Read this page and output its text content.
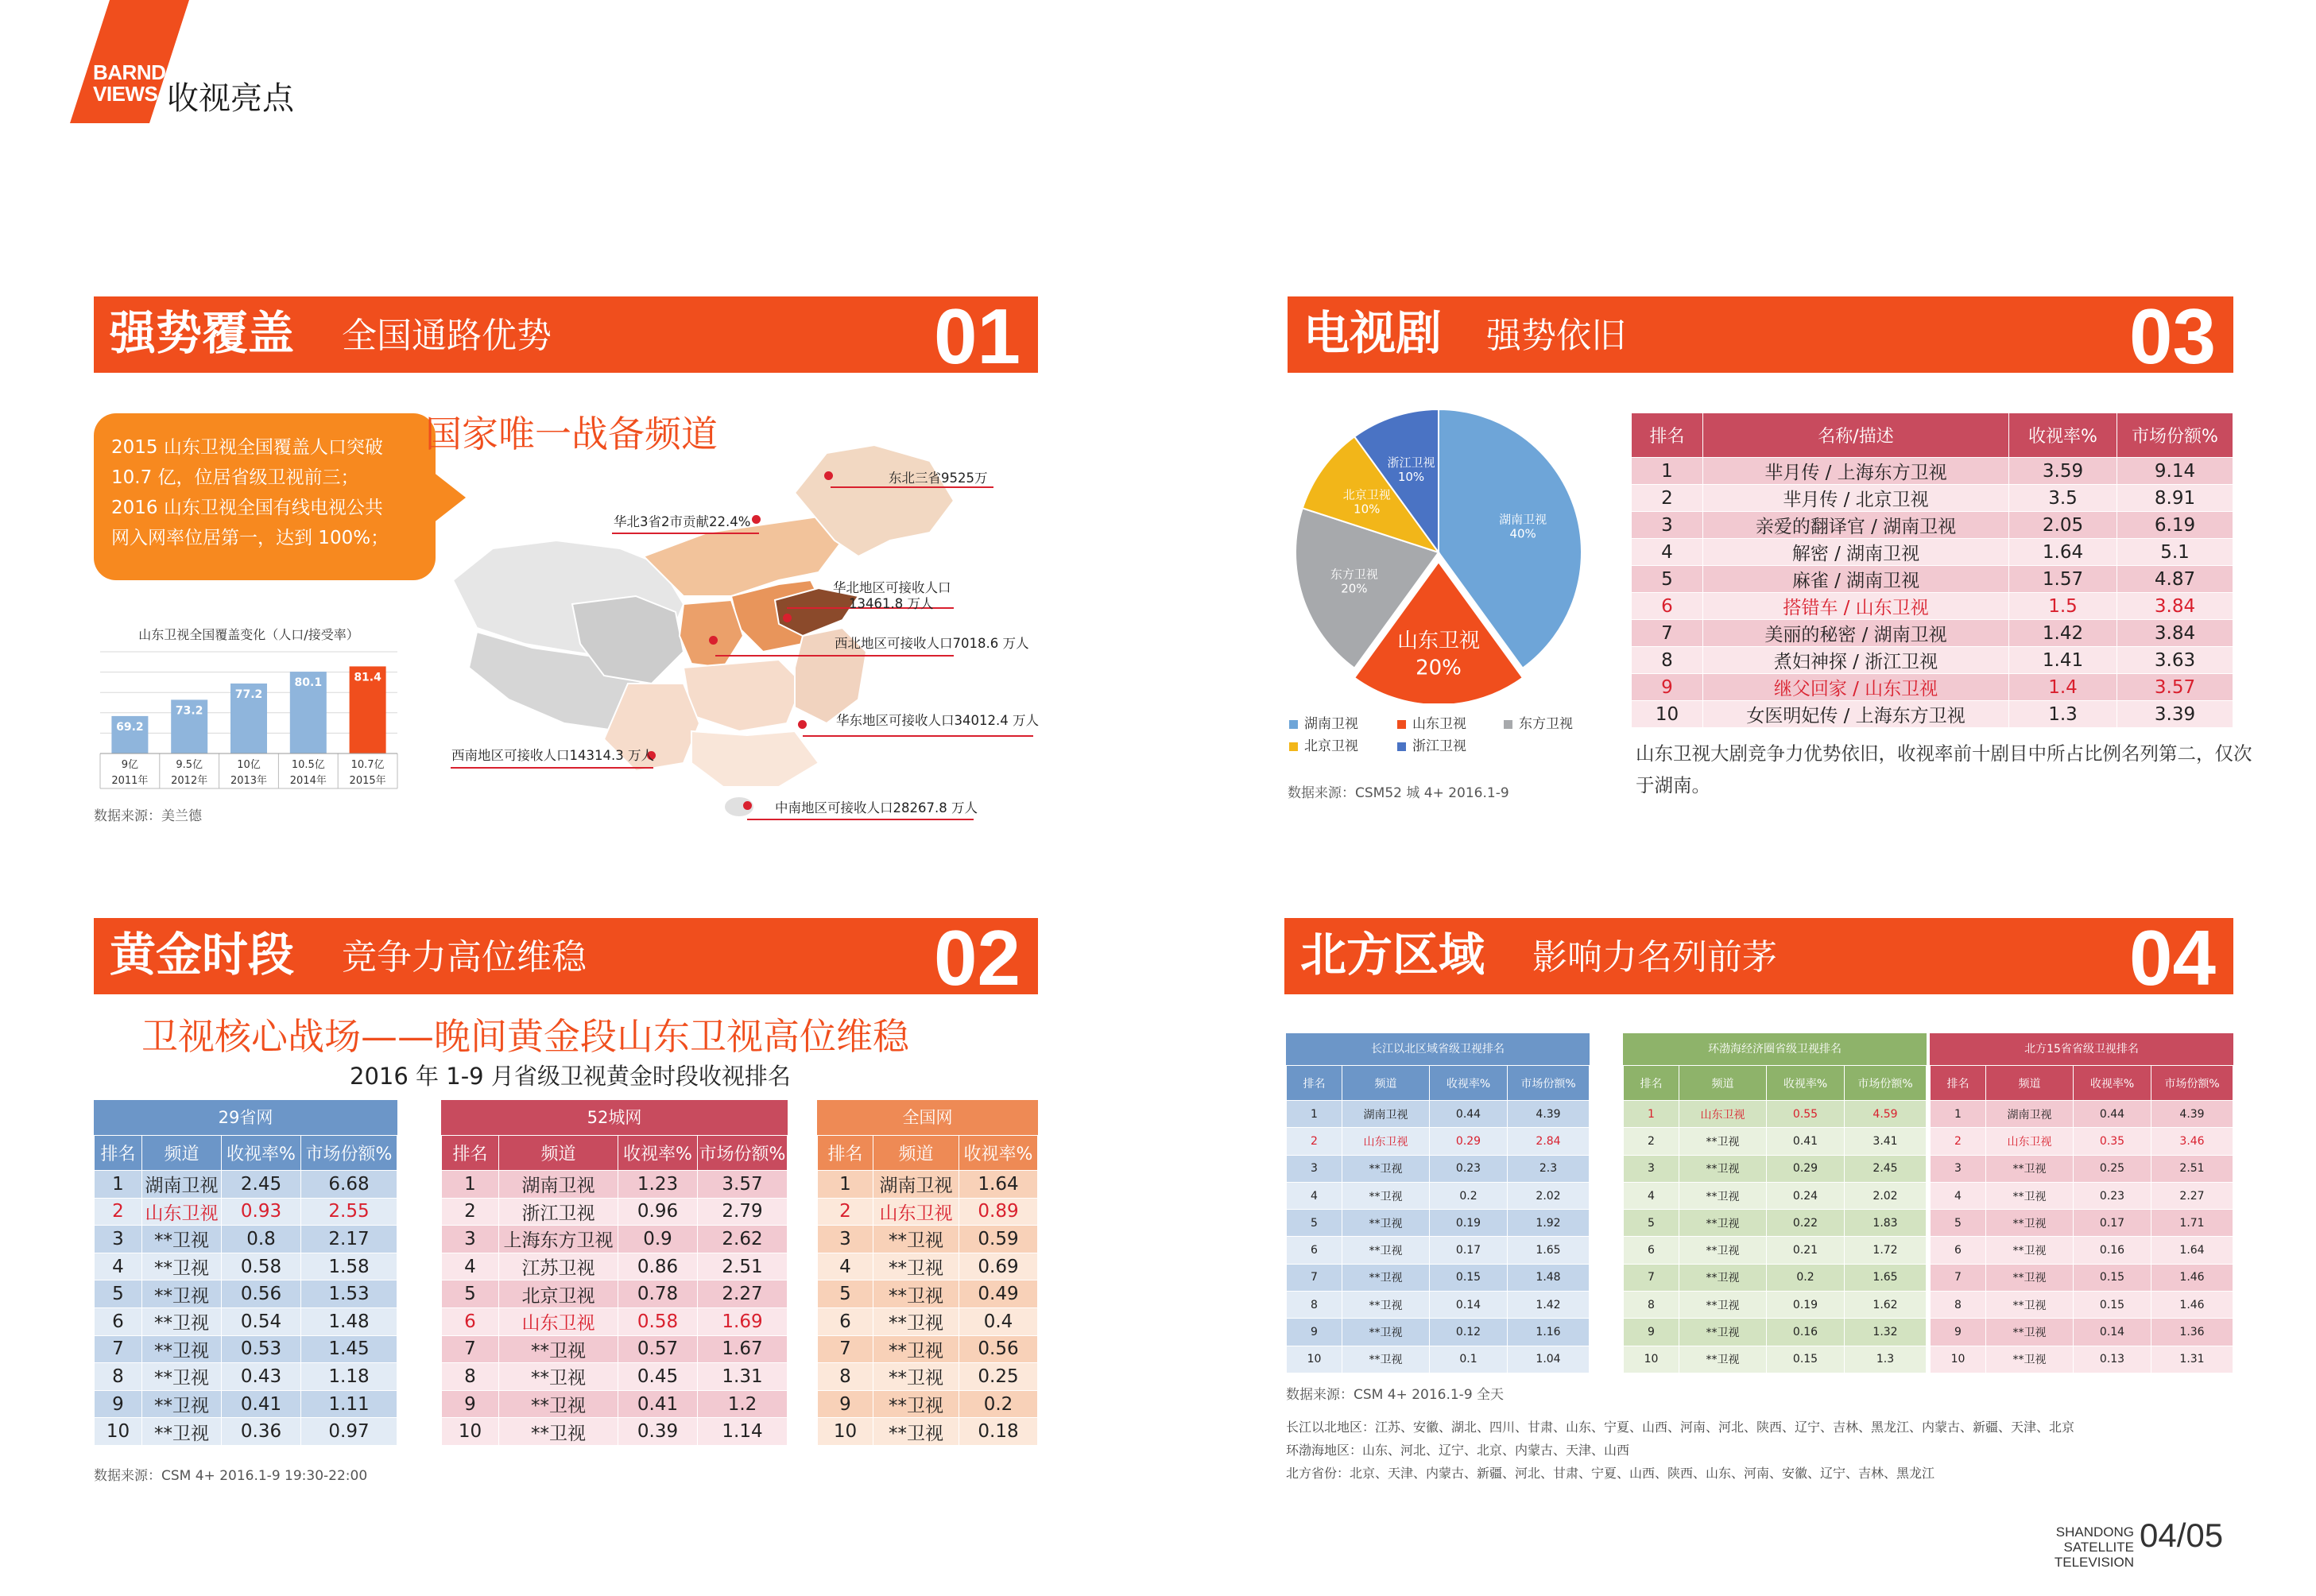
BARND
VIEWS 收视亮点
强势覆盖 全国通路优势	01	电视剧 强势依旧	03
黄金时段 竞争力高位维稳	02	北方区域 影响力名列前茅	04
2015 山东卫视全国覆盖人口突破
10.7 亿，位居省级卫视前三；
2016 山东卫视全国有线电视公共
网入网率位居第一，达到 100%；
山东卫视全国覆盖变化（人口/接受率）
69.2
9亿
2011年
73.2
9.5亿
2012年
77.2
10亿
2013年
80.1
10.5亿
2014年
81.4
10.7亿
2015年
数据来源：美兰德
国家唯一战备频道
东北三省9525万
华北3省2市贡献22.4%
华北地区可接收人口
13461.8 万人
西北地区可接收人口7018.6 万人
华东地区可接收人口34012.4 万人
西南地区可接收人口14314.3 万人
中南地区可接收人口28267.8 万人
湖南卫视
40%
山东卫视
20%
东方卫视
20%
北京卫视
10%
浙江卫视
10%
湖南卫视	山东卫视	东方卫视
北京卫视	浙江卫视
数据来源：CSM52 城 4+ 2016.1-9
排名	名称/描述	收视率%	市场份额%
1	芈月传 / 上海东方卫视	3.59	9.14
2	芈月传 / 北京卫视	3.5	8.91
3	亲爱的翻译官 / 湖南卫视	2.05	6.19
4	解密 / 湖南卫视	1.64	5.1
5	麻雀 / 湖南卫视	1.57	4.87
6	搭错车 / 山东卫视	1.5	3.84
7	美丽的秘密 / 湖南卫视	1.42	3.84
8	煮妇神探 / 浙江卫视	1.41	3.63
9	继父回家 / 山东卫视	1.4	3.57
10	女医明妃传 / 上海东方卫视	1.3	3.39
山东卫视大剧竞争力优势依旧，收视率前十剧目中所占比例名列第二，仅次
于湖南。
卫视核心战场——晚间黄金段山东卫视高位维稳
2016 年 1-9 月省级卫视黄金时段收视排名
29省网
排名	频道	收视率%	市场份额%
1	湖南卫视	2.45	6.68
2	山东卫视	0.93	2.55
3	**卫视	0.8	2.17
4	**卫视	0.58	1.58
5	**卫视	0.56	1.53
6	**卫视	0.54	1.48
7	**卫视	0.53	1.45
8	**卫视	0.43	1.18
9	**卫视	0.41	1.11
10	**卫视	0.36	0.97
52城网
排名	频道	收视率%	市场份额%
1	湖南卫视	1.23	3.57
2	浙江卫视	0.96	2.79
3	上海东方卫视	0.9	2.62
4	江苏卫视	0.86	2.51
5	北京卫视	0.78	2.27
6	山东卫视	0.58	1.69
7	**卫视	0.57	1.67
8	**卫视	0.45	1.31
9	**卫视	0.41	1.2
10	**卫视	0.39	1.14
全国网
排名	频道	收视率%
1	湖南卫视	1.64
2	山东卫视	0.89
3	**卫视	0.59
4	**卫视	0.69
5	**卫视	0.49
6	**卫视	0.4
7	**卫视	0.56
8	**卫视	0.25
9	**卫视	0.2
10	**卫视	0.18
数据来源：CSM 4+ 2016.1-9 19:30-22:00
长江以北区域省级卫视排名
排名	频道	收视率%	市场份额%
1	湖南卫视	0.44	4.39
2	山东卫视	0.29	2.84
3	**卫视	0.23	2.3
4	**卫视	0.2	2.02
5	**卫视	0.19	1.92
6	**卫视	0.17	1.65
7	**卫视	0.15	1.48
8	**卫视	0.14	1.42
9	**卫视	0.12	1.16
10	**卫视	0.1	1.04
环渤海经济圈省级卫视排名
排名	频道	收视率%	市场份额%
1	山东卫视	0.55	4.59
2	**卫视	0.41	3.41
3	**卫视	0.29	2.45
4	**卫视	0.24	2.02
5	**卫视	0.22	1.83
6	**卫视	0.21	1.72
7	**卫视	0.2	1.65
8	**卫视	0.19	1.62
9	**卫视	0.16	1.32
10	**卫视	0.15	1.3
北方15省省级卫视排名
排名	频道	收视率%	市场份额%
1	湖南卫视	0.44	4.39
2	山东卫视	0.35	3.46
3	**卫视	0.25	2.51
4	**卫视	0.23	2.27
5	**卫视	0.17	1.71
6	**卫视	0.16	1.64
7	**卫视	0.15	1.46
8	**卫视	0.15	1.46
9	**卫视	0.14	1.36
10	**卫视	0.13	1.31
数据来源：CSM 4+ 2016.1-9 全天
长江以北地区：江苏、安徽、湖北、四川、甘肃、山东、宁夏、山西、河南、河北、陕西、辽宁、吉林、黑龙江、内蒙古、新疆、天津、北京
环渤海地区：山东、河北、辽宁、北京、内蒙古、天津、山西
北方省份：北京、天津、内蒙古、新疆、河北、甘肃、宁夏、山西、陕西、山东、河南、安徽、辽宁、吉林、黑龙江
SHANDONG
SATELLITE TELEVISION
04/05
